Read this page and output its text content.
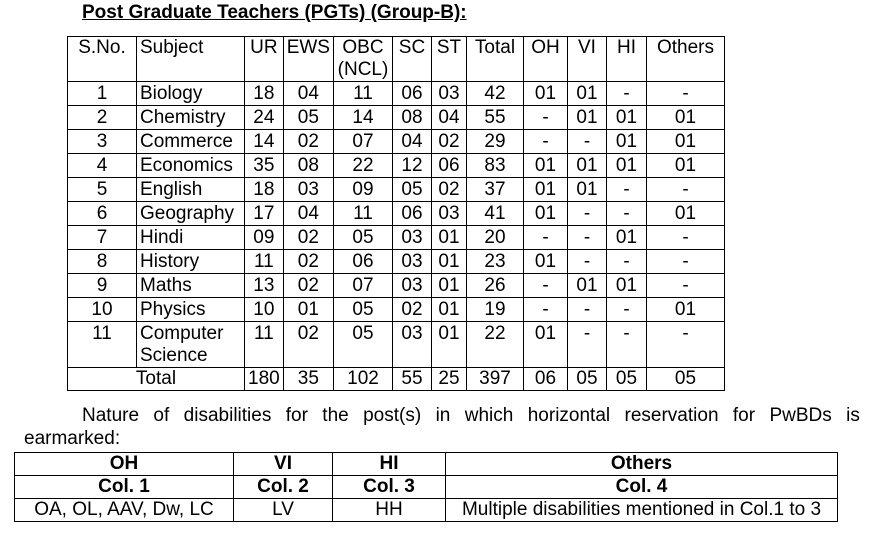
Post Graduate Teachers (PGTs) (Group-B):
S.No.	Subject	UR	EWS	OBC (NCL)	SC	ST	Total	OH	VI	HI	Others
1	Biology	18	04	11	06	03	42	01	01	-	-
2	Chemistry	24	05	14	08	04	55	-	01	01	01
3	Commerce	14	02	07	04	02	29	-	-	01	01
4	Economics	35	08	22	12	06	83	01	01	01	01
5	English	18	03	09	05	02	37	01	01	-	-
6	Geography	17	04	11	06	03	41	01	-	-	01
7	Hindi	09	02	05	03	01	20	-	-	01	-
8	History	11	02	06	03	01	23	01	-	-	-
9	Maths	13	02	07	03	01	26	-	01	01	-
10	Physics	10	01	05	02	01	19	-	-	-	01
11	Computer Science	11	02	05	03	01	22	01	-	-	-
Total		180	35	102	55	25	397	06	05	05	05
Nature of disabilities for the post(s) in which horizontal reservation for PwBDs is
earmarked:
OH	VI	HI	Others
Col. 1	Col. 2	Col. 3	Col. 4
OA, OL, AAV, Dw, LC	LV	HH	Multiple disabilities mentioned in Col.1 to 3
